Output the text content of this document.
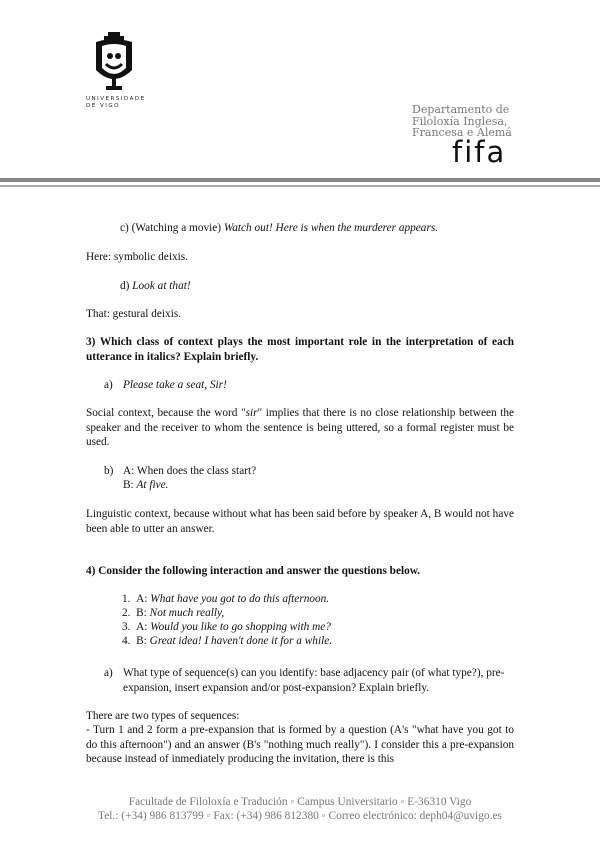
UNIVERSIDADE DE VIGO	Departamento de
Filoloxía Inglesa,
Francesa e Alemá
fifa
c) (Watching a movie) Watch out! Here is when the murderer appears.
Here: symbolic deixis.
d) Look at that!
That: gestural deixis.
3) Which class of context plays the most important role in the interpretation of each utterance in italics? Explain briefly.
a) Please take a seat, Sir!
Social context, because the word "sir" implies that there is no close relationship between the speaker and the receiver to whom the sentence is being uttered, so a formal register must be used.
b) A: When does the class start?
B: At five.
Linguistic context, because without what has been said before by speaker A, B would not have been able to utter an answer.
4) Consider the following interaction and answer the questions below.
1. A: What have you got to do this afternoon.
2. B: Not much really,
3. A: Would you like to go shopping with me?
4. B: Great idea! I haven't done it for a while.
a) What type of sequence(s) can you identify: base adjacency pair (of what type?), pre-expansion, insert expansion and/or post-expansion? Explain briefly.
There are two types of sequences:
- Turn 1 and 2 form a pre-expansion that is formed by a question (A's "what have you got to do this afternoon") and an answer (B's "nothing much really"). I consider this a pre-expansion because instead of inmediately producing the invitation, there is this
Facultade de Filoloxía e Tradución ◦ Campus Universitario ◦ E-36310 Vigo
Tel.: (+34) 986 813799 ◦ Fax: (+34) 986 812380 ◦ Correo electrónico: deph04@uvigo.es
